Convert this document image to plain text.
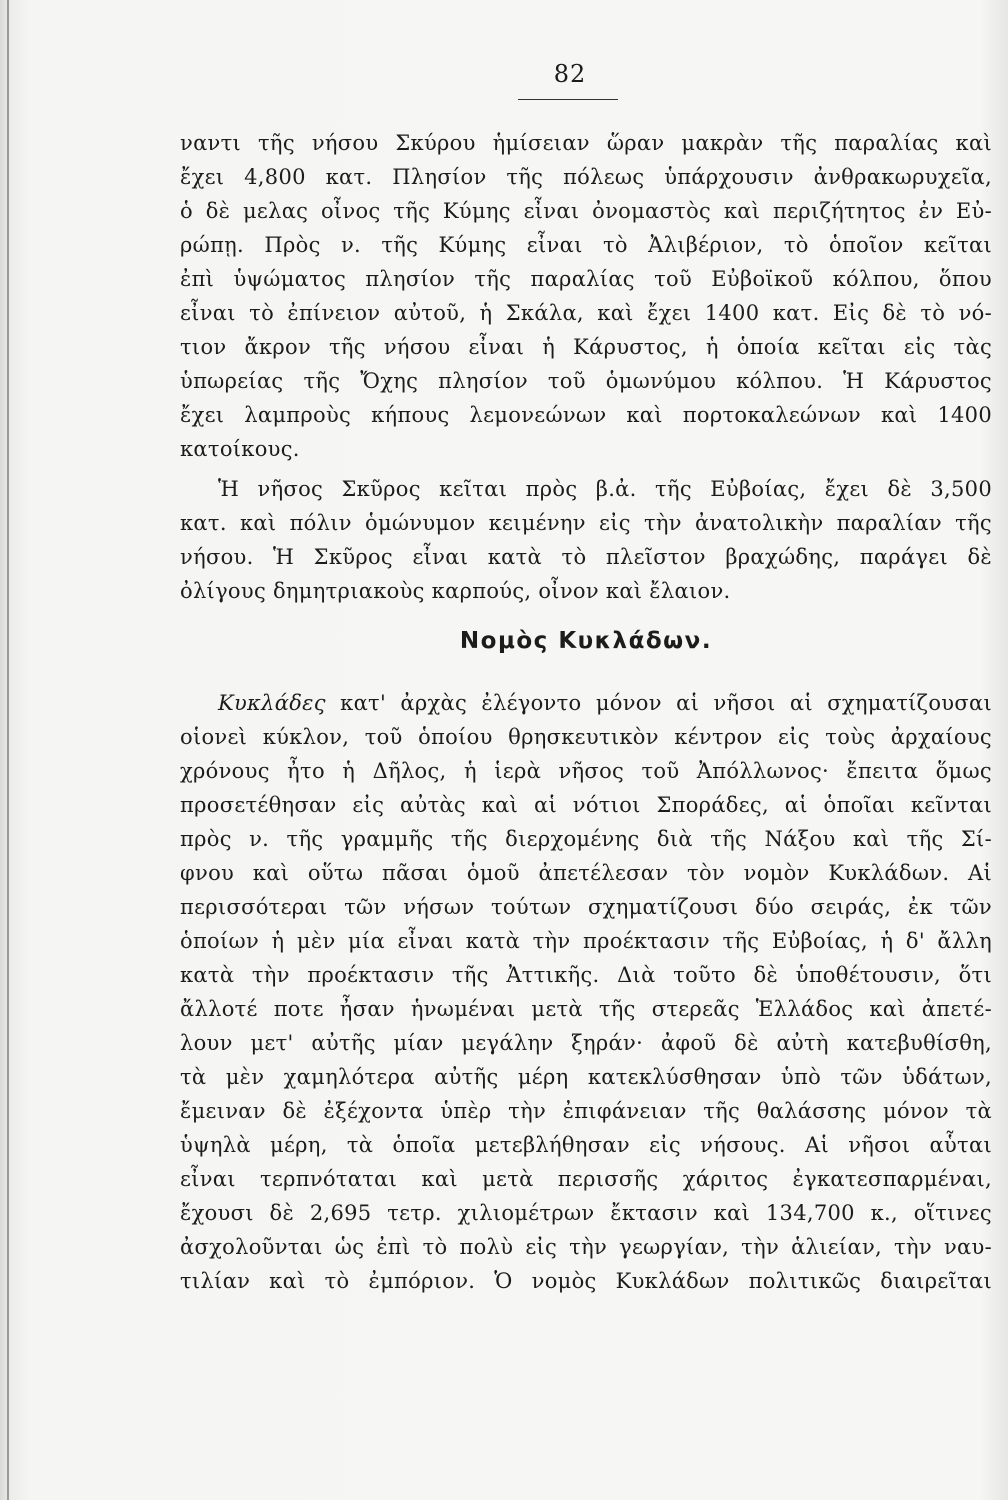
82
ναντι τῆς νήσου Σκύρου ἡμίσειαν ὥραν μακρὰν τῆς παραλίας καὶ
ἔχει 4,800 κατ. Πλησίον τῆς πόλεως ὑπάρχουσιν ἀνθρακωρυχεῖα,
ὁ δὲ μελας οἶνος τῆς Κύμης εἶναι ὀνομαστὸς καὶ περιζήτητος ἐν Εὐ-
ρώπῃ. Πρὸς ν. τῆς Κύμης εἶναι τὸ Ἀλιβέριον, τὸ ὁποῖον κεῖται
ἐπὶ ὑψώματος πλησίον τῆς παραλίας τοῦ Εὐβοϊκοῦ κόλπου, ὅπου
εἶναι τὸ ἐπίνειον αὐτοῦ, ἡ Σκάλα, καὶ ἔχει 1400 κατ. Εἰς δὲ τὸ νό-
τιον ἄκρον τῆς νήσου εἶναι ἡ Κάρυστος, ἡ ὁποία κεῖται εἰς τὰς
ὑπωρείας τῆς Ὄχης πλησίον τοῦ ὁμωνύμου κόλπου. Ἡ Κάρυστος
ἔχει λαμπροὺς κήπους λεμονεώνων καὶ πορτοκαλεώνων καὶ 1400
κατοίκους.
Ἡ νῆσος Σκῦρος κεῖται πρὸς β.ἀ. τῆς Εὐβοίας, ἔχει δὲ 3,500
κατ. καὶ πόλιν ὁμώνυμον κειμένην εἰς τὴν ἀνατολικὴν παραλίαν τῆς
νήσου. Ἡ Σκῦρος εἶναι κατὰ τὸ πλεῖστον βραχώδης, παράγει δὲ
ὀλίγους δημητριακοὺς καρπούς, οἶνον καὶ ἔλαιον.
Νομὸς Κυκλάδων.
Κυκλάδες κατ' ἀρχὰς ἐλέγοντο μόνον αἱ νῆσοι αἱ σχηματίζουσαι
οἱονεὶ κύκλον, τοῦ ὁποίου θρησκευτικὸν κέντρον εἰς τοὺς ἀρχαίους
χρόνους ἦτο ἡ Δῆλος, ἡ ἱερὰ νῆσος τοῦ Ἀπόλλωνος· ἔπειτα ὅμως
προσετέθησαν εἰς αὐτὰς καὶ αἱ νότιοι Σποράδες, αἱ ὁποῖαι κεῖνται
πρὸς ν. τῆς γραμμῆς τῆς διερχομένης διὰ τῆς Νάξου καὶ τῆς Σί-
φνου καὶ οὕτω πᾶσαι ὁμοῦ ἀπετέλεσαν τὸν νομὸν Κυκλάδων. Αἱ
περισσότεραι τῶν νήσων τούτων σχηματίζουσι δύο σειράς, ἐκ τῶν
ὁποίων ἡ μὲν μία εἶναι κατὰ τὴν προέκτασιν τῆς Εὐβοίας, ἡ δ' ἄλλη
κατὰ τὴν προέκτασιν τῆς Ἀττικῆς. Διὰ τοῦτο δὲ ὑποθέτουσιν, ὅτι
ἄλλοτέ ποτε ἦσαν ἡνωμέναι μετὰ τῆς στερεᾶς Ἑλλάδος καὶ ἀπετέ-
λουν μετ' αὐτῆς μίαν μεγάλην ξηράν· ἀφοῦ δὲ αὐτὴ κατεβυθίσθη,
τὰ μὲν χαμηλότερα αὐτῆς μέρη κατεκλύσθησαν ὑπὸ τῶν ὑδάτων,
ἔμειναν δὲ ἐξέχοντα ὑπὲρ τὴν ἐπιφάνειαν τῆς θαλάσσης μόνον τὰ
ὑψηλὰ μέρη, τὰ ὁποῖα μετεβλήθησαν εἰς νήσους. Αἱ νῆσοι αὗται
εἶναι τερπνόταται καὶ μετὰ περισσῆς χάριτος ἐγκατεσπαρμέναι,
ἔχουσι δὲ 2,695 τετρ. χιλιομέτρων ἔκτασιν καὶ 134,700 κ., οἵτινες
ἀσχολοῦνται ὡς ἐπὶ τὸ πολὺ εἰς τὴν γεωργίαν, τὴν ἁλιείαν, τὴν ναυ-
τιλίαν καὶ τὸ ἐμπόριον. Ὁ νομὸς Κυκλάδων πολιτικῶς διαιρεῖται
